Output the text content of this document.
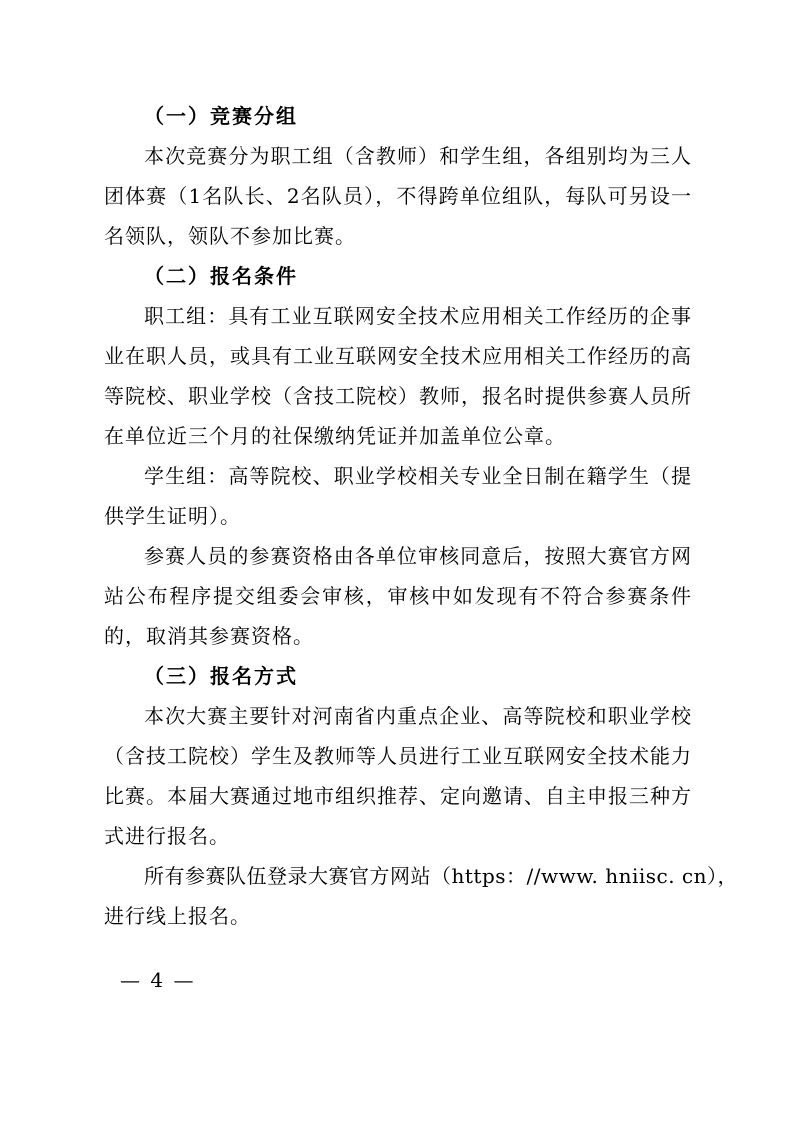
（一）竞赛分组
本次竞赛分为职工组（含教师）和学生组，各组别均为三人
团体赛（1名队长、2名队员），不得跨单位组队，每队可另设一
名领队，领队不参加比赛。
（二）报名条件
职工组：具有工业互联网安全技术应用相关工作经历的企事
业在职人员，或具有工业互联网安全技术应用相关工作经历的高
等院校、职业学校（含技工院校）教师，报名时提供参赛人员所
在单位近三个月的社保缴纳凭证并加盖单位公章。
学生组：高等院校、职业学校相关专业全日制在籍学生（提
供学生证明）。
参赛人员的参赛资格由各单位审核同意后，按照大赛官方网
站公布程序提交组委会审核，审核中如发现有不符合参赛条件
的，取消其参赛资格。
（三）报名方式
本次大赛主要针对河南省内重点企业、高等院校和职业学校
（含技工院校）学生及教师等人员进行工业互联网安全技术能力
比赛。本届大赛通过地市组织推荐、定向邀请、自主申报三种方
式进行报名。
所有参赛队伍登录大赛官方网站（https：//www. hniisc. cn），
进行线上报名。
— 4 —
